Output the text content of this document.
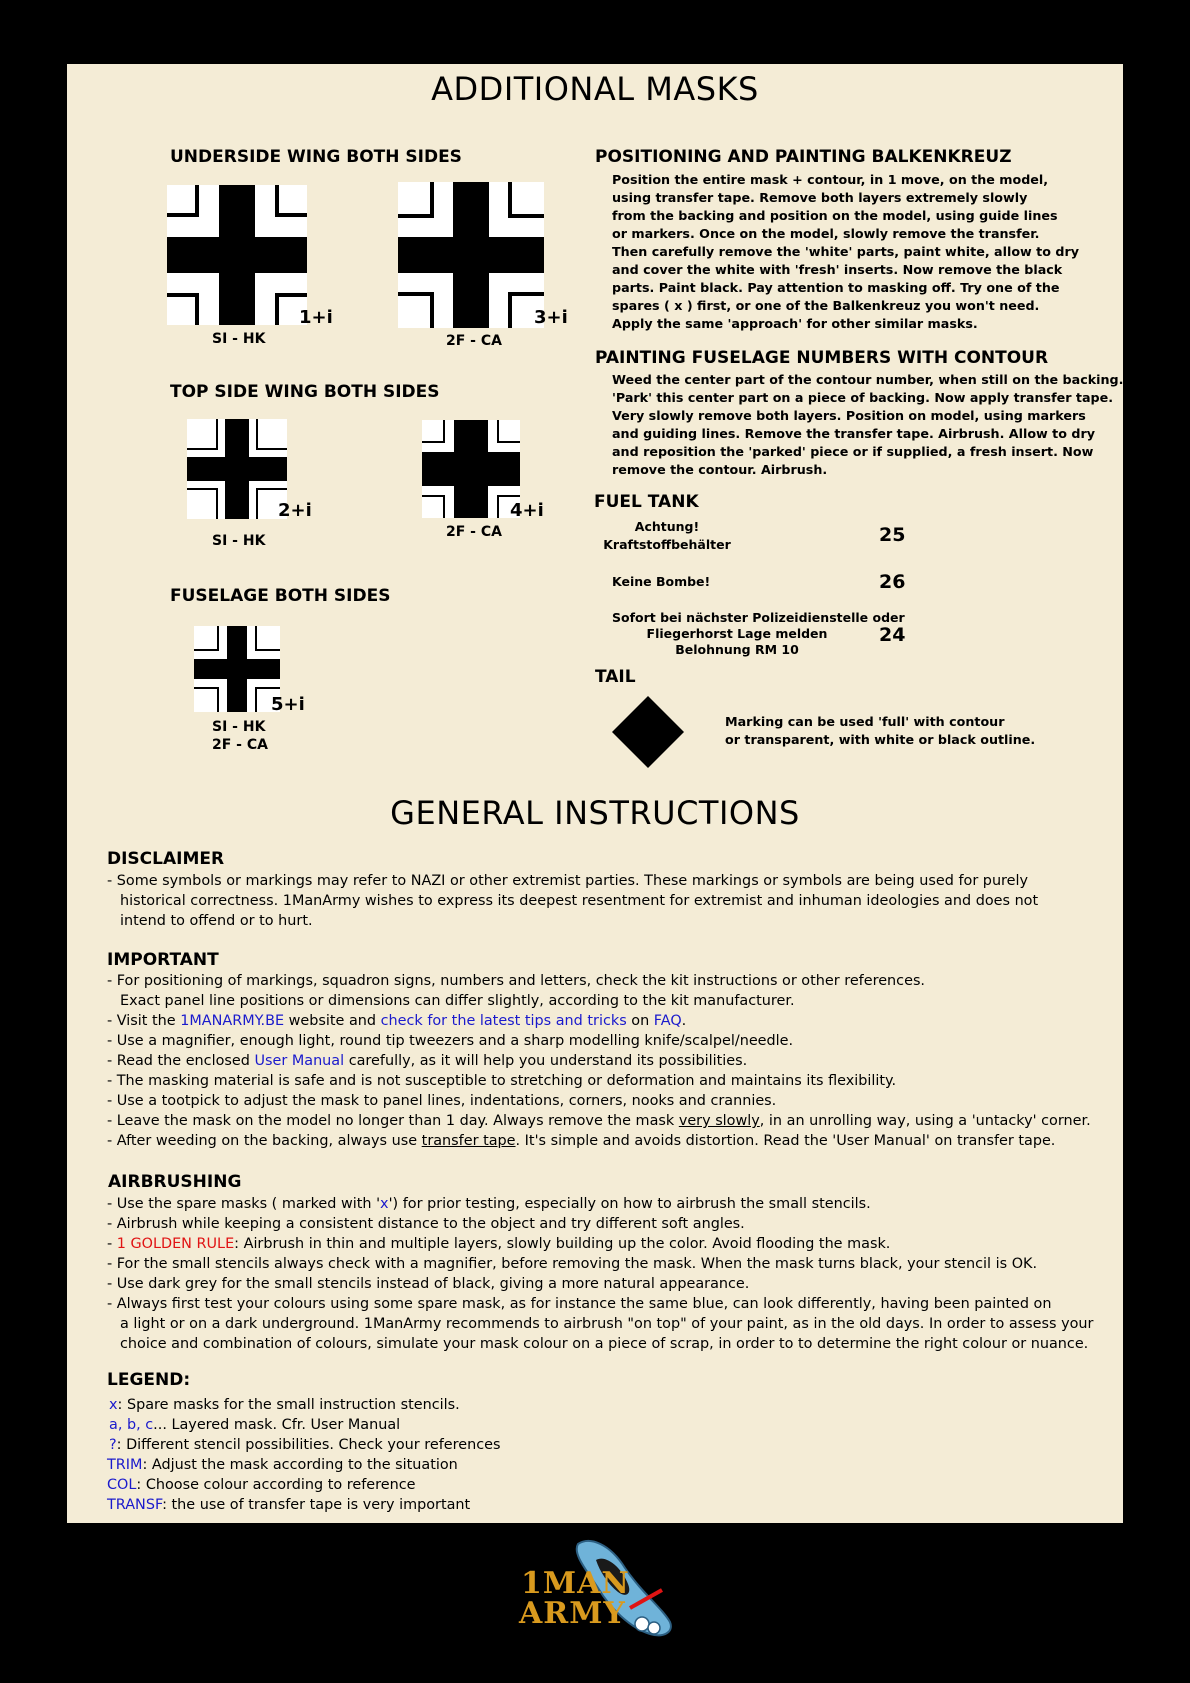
ADDITIONAL MASKS
UNDERSIDE WING BOTH SIDES
1+i
SI - HK
3+i
2F - CA
TOP SIDE WING BOTH SIDES
2+i
SI - HK
4+i
2F - CA
FUSELAGE BOTH SIDES
5+i
SI - HK
2F - CA
POSITIONING AND PAINTING BALKENKREUZ
Position the entire mask + contour, in 1 move, on the model,
using transfer tape. Remove both layers extremely slowly
from the backing and position on the model, using guide lines
or markers. Once on the model, slowly remove the transfer.
Then carefully remove the 'white' parts, paint white, allow to dry
and cover the white with 'fresh' inserts. Now remove the black
parts. Paint black. Pay attention to masking off. Try one of the
spares ( x ) first, or one of the Balkenkreuz you won't need.
Apply the same 'approach' for other similar masks.
PAINTING FUSELAGE NUMBERS WITH CONTOUR
Weed the center part of the contour number, when still on the backing.
'Park' this center part on a piece of backing. Now apply transfer tape.
Very slowly remove both layers. Position on model, using markers
and guiding lines. Remove the transfer tape. Airbrush. Allow to dry
and reposition the 'parked' piece or if supplied, a fresh insert. Now
remove the contour. Airbrush.
FUEL TANK
Achtung!
Kraftstoffbehälter	25
Keine Bombe!	26
Sofort bei nächster Polizeidienstelle oder
Fliegerhorst Lage melden
Belohnung RM 10
24
TAIL
Marking can be used 'full' with contour
or transparent, with white or black outline.
GENERAL INSTRUCTIONS
DISCLAIMER
- Some symbols or markings may refer to NAZI or other extremist parties. These markings or symbols are being used for purely
historical correctness. 1ManArmy wishes to express its deepest resentment for extremist and inhuman ideologies and does not
intend to offend or to hurt.
IMPORTANT
- For positioning of markings, squadron signs, numbers and letters, check the kit instructions or other references.
Exact panel line positions or dimensions can differ slightly, according to the kit manufacturer.
- Visit the 1MANARMY.BE website and check for the latest tips and tricks on FAQ.
- Use a magnifier, enough light, round tip tweezers and a sharp modelling knife/scalpel/needle.
- Read the enclosed User Manual carefully, as it will help you understand its possibilities.
- The masking material is safe and is not susceptible to stretching or deformation and maintains its flexibility.
- Use a tootpick to adjust the mask to panel lines, indentations, corners, nooks and crannies.
- Leave the mask on the model no longer than 1 day. Always remove the mask very slowly, in an unrolling way, using a 'untacky' corner.
- After weeding on the backing, always use transfer tape. It's simple and avoids distortion. Read the 'User Manual' on transfer tape.
AIRBRUSHING
- Use the spare masks ( marked with 'x') for prior testing, especially on how to airbrush the small stencils.
- Airbrush while keeping a consistent distance to the object and try different soft angles.
- 1 GOLDEN RULE: Airbrush in thin and multiple layers, slowly building up the color. Avoid flooding the mask.
- For the small stencils always check with a magnifier, before removing the mask. When the mask turns black, your stencil is OK.
- Use dark grey for the small stencils instead of black, giving a more natural appearance.
- Always first test your colours using some spare mask, as for instance the same blue, can look differently, having been painted on
a light or on a dark underground. 1ManArmy recommends to airbrush "on top" of your paint, as in the old days. In order to assess your
choice and combination of colours, simulate your mask colour on a piece of scrap, in order to to determine the right colour or nuance.
LEGEND:
x: Spare masks for the small instruction stencils.
a, b, c... Layered mask. Cfr. User Manual
?: Different stencil possibilities. Check your references
TRIM: Adjust the mask according to the situation
COL: Choose colour according to reference
TRANSF: the use of transfer tape is very important
1MAN
ARMY
